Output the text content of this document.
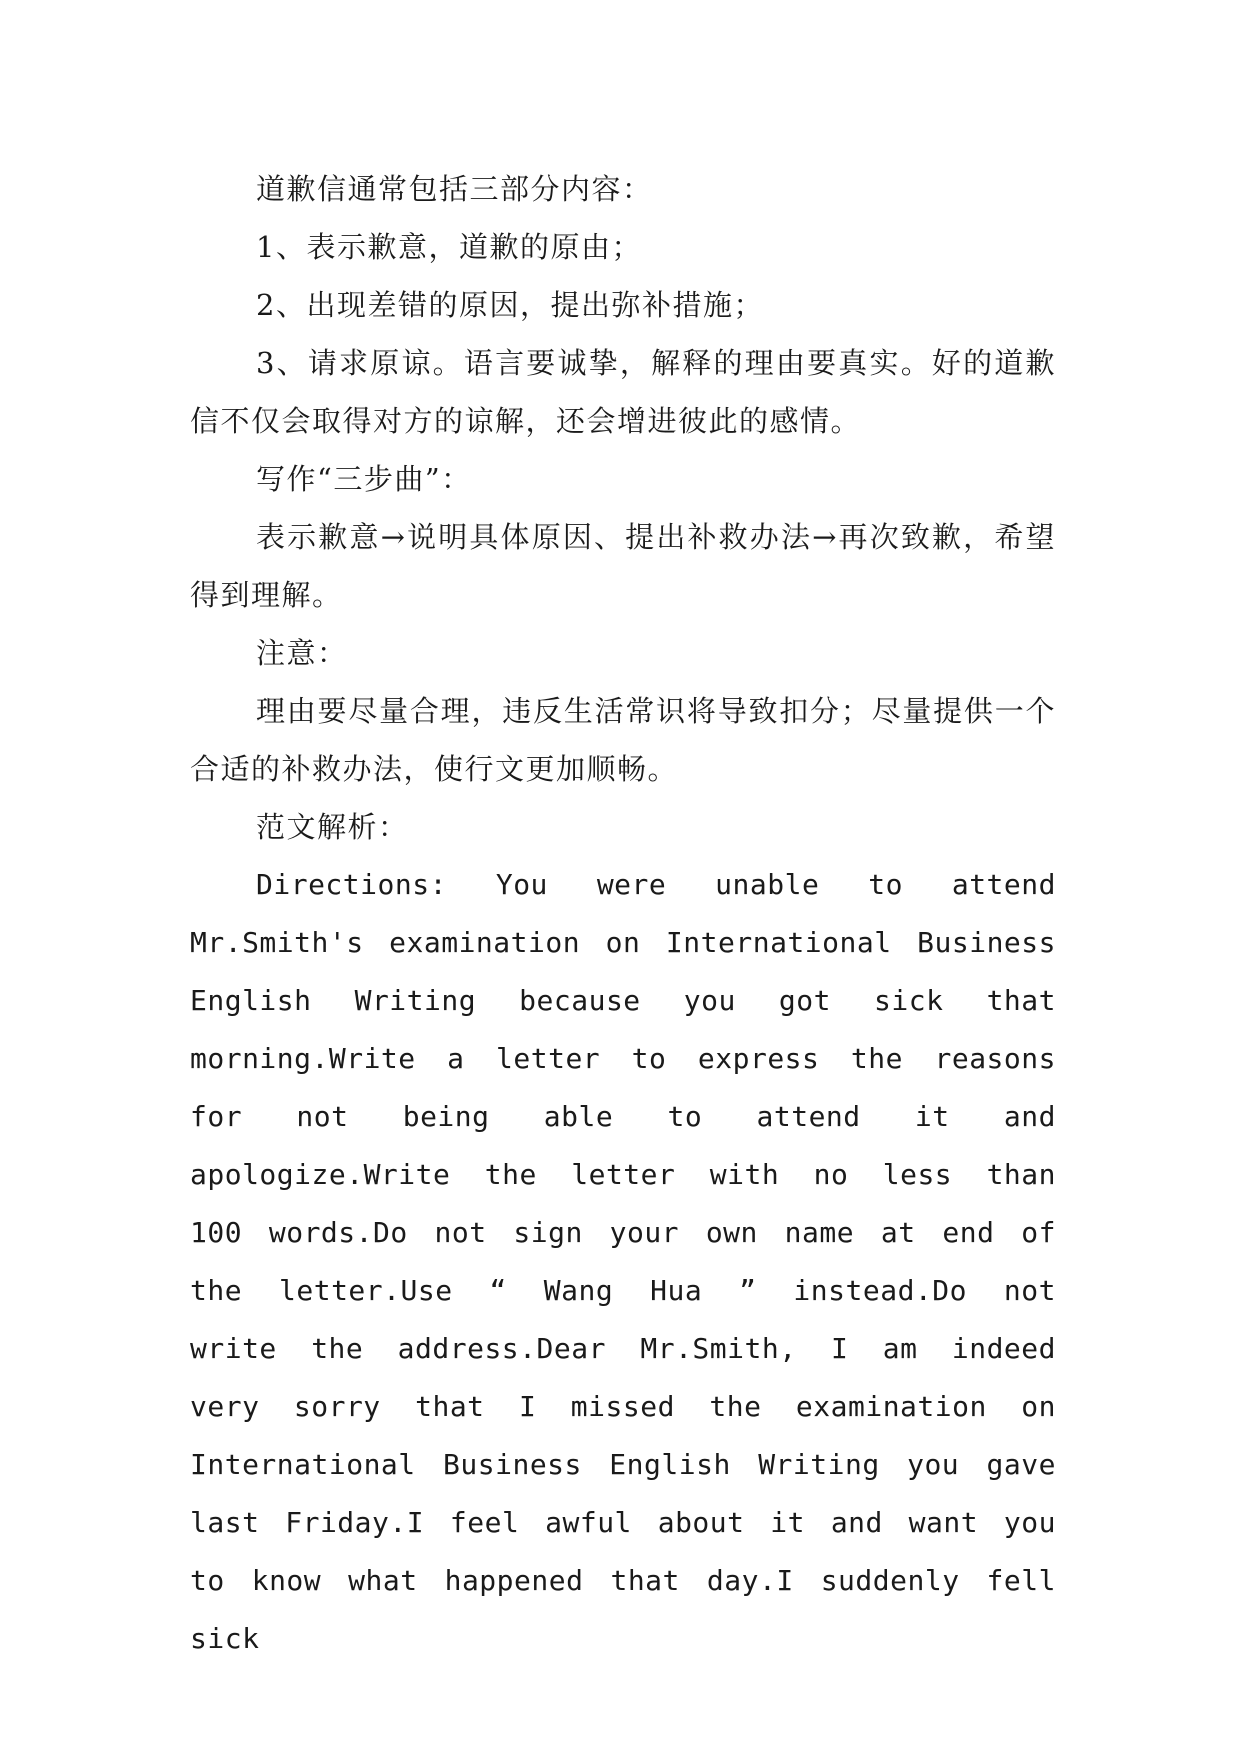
道歉信通常包括三部分内容：

1、表示歉意，道歉的原由；

2、出现差错的原因，提出弥补措施；

3、请求原谅。语言要诚挚，解释的理由要真实。好的道歉信不仅会取得对方的谅解，还会增进彼此的感情。

写作“三步曲”：

表示歉意→说明具体原因、提出补救办法→再次致歉，希望得到理解。

注意：

理由要尽量合理，违反生活常识将导致扣分；尽量提供一个合适的补救办法，使行文更加顺畅。

范文解析：

Directions: You were unable to attend Mr.Smith's examination on International Business English Writing because you got sick that morning.Write a letter to express the reasons for not being able to attend it and apologize.Write the letter with no less than 100 words.Do not sign your own name at end of the letter.Use “ Wang Hua ” instead.Do not write the address.Dear Mr.Smith, I am indeed very sorry that I missed the examination on International Business English Writing you gave last Friday.I feel awful about it and want you to know what happened that day.I suddenly fell sick
